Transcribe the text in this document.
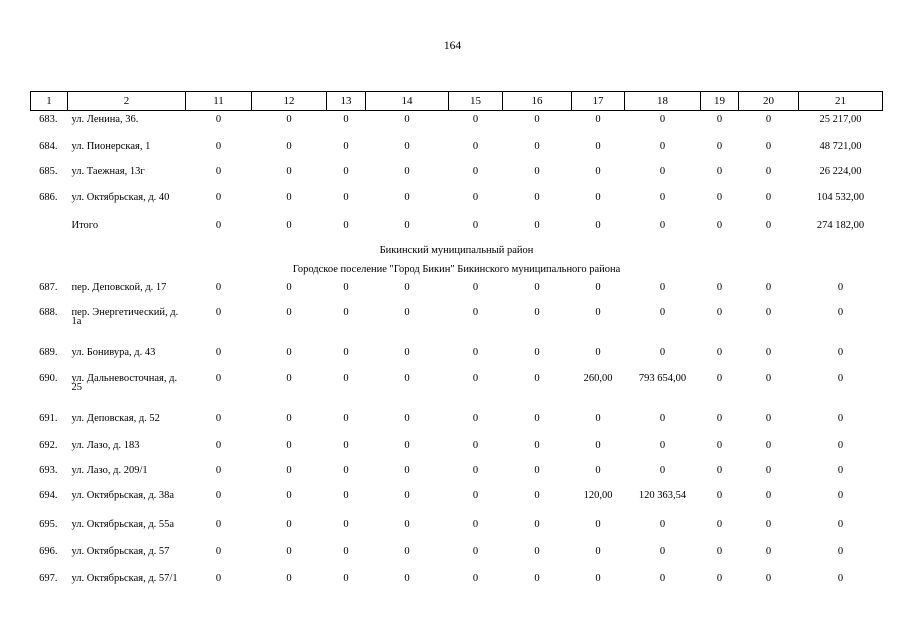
164
1	2	11	12	13	14	15	16	17	18	19	20	21
683.	ул. Ленина, 36.	0	0	0	0	0	0	0	0	0	0	25 217,00
684.	ул. Пионерская, 1	0	0	0	0	0	0	0	0	0	0	48 721,00
685.	ул. Таежная, 13г	0	0	0	0	0	0	0	0	0	0	26 224,00
686.	ул. Октябрьская, д. 40	0	0	0	0	0	0	0	0	0	0	104 532,00
	Итого	0	0	0	0	0	0	0	0	0	0	274 182,00
Бикинский муниципальный район												
Городское поселение "Город Бикин" Бикинского муниципального района												
687.	пер. Деповской, д. 17	0	0	0	0	0	0	0	0	0	0	0
688.	пер. Энергетический, д. 1а	0	0	0	0	0	0	0	0	0	0	0
689.	ул. Бонивура, д. 43	0	0	0	0	0	0	0	0	0	0	0
690.	ул. Дальневосточная, д. 25	0	0	0	0	0	0	260,00	793 654,00	0	0	0
691.	ул. Деповская, д. 52	0	0	0	0	0	0	0	0	0	0	0
692.	ул. Лазо, д. 183	0	0	0	0	0	0	0	0	0	0	0
693.	ул. Лазо, д. 209/1	0	0	0	0	0	0	0	0	0	0	0
694.	ул. Октябрьская, д. 38а	0	0	0	0	0	0	120,00	120 363,54	0	0	0
695.	ул. Октябрьская, д. 55а	0	0	0	0	0	0	0	0	0	0	0
696.	ул. Октябрьская, д. 57	0	0	0	0	0	0	0	0	0	0	0
697.	ул. Октябрьская, д. 57/1	0	0	0	0	0	0	0	0	0	0	0
